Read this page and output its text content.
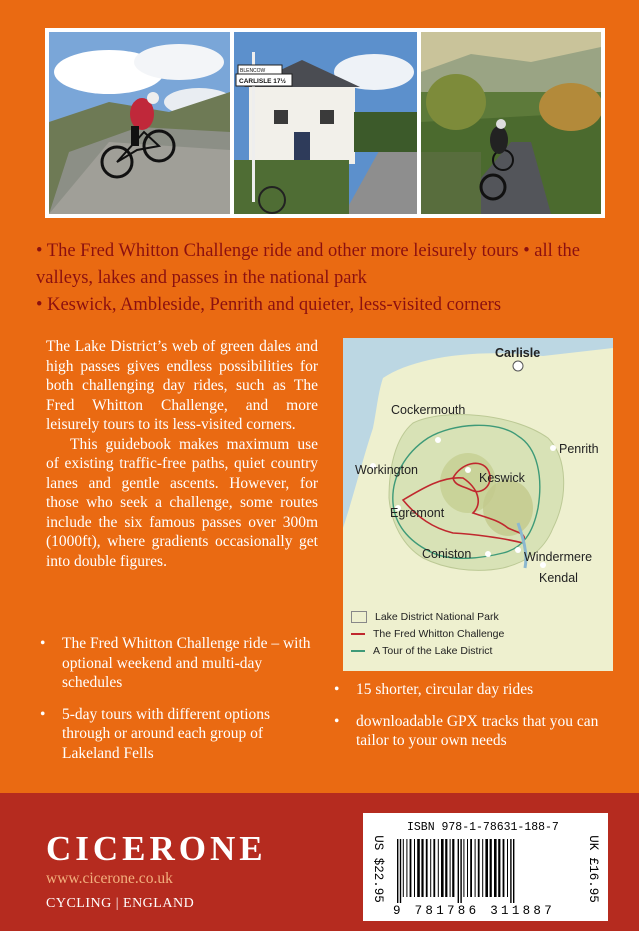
CARLISLE 17½
BLENCOW

• The Fred Whitton Challenge ride and other more leisurely tours • all the valleys, lakes and passes in the national park

• Keswick, Ambleside, Penrith and quieter, less-visited corners

The Lake District’s web of green dales and high passes gives endless possibilities for both challenging day rides, such as The Fred Whitton Challenge, and more leisurely tours to its less-visited corners.

This guidebook makes maximum use of existing traffic-free paths, quiet country lanes and gentle ascents. However, for those who seek a challenge, some routes include the six famous passes over 300m (1000ft), where gradients occasionally get into double figures.

• The Fred Whitton Challenge ride – with optional weekend and multi-day schedules
• 5-day tours with different options through or around each group of Lakeland Fells
Carlisle
Cockermouth
Penrith
Workington
Keswick
Egremont
Coniston	Windermere
Kendal
Lake District National Park
The Fred Whitton Challenge
A Tour of the Lake District
• 15 shorter, circular day rides
• downloadable GPX tracks that you can tailor to your own needs
CICERONE
www.cicerone.co.uk
CYCLING | ENGLAND
ISBN 978-1-78631-188-7
US $22.95	UK £16.95
9 781786 311887
